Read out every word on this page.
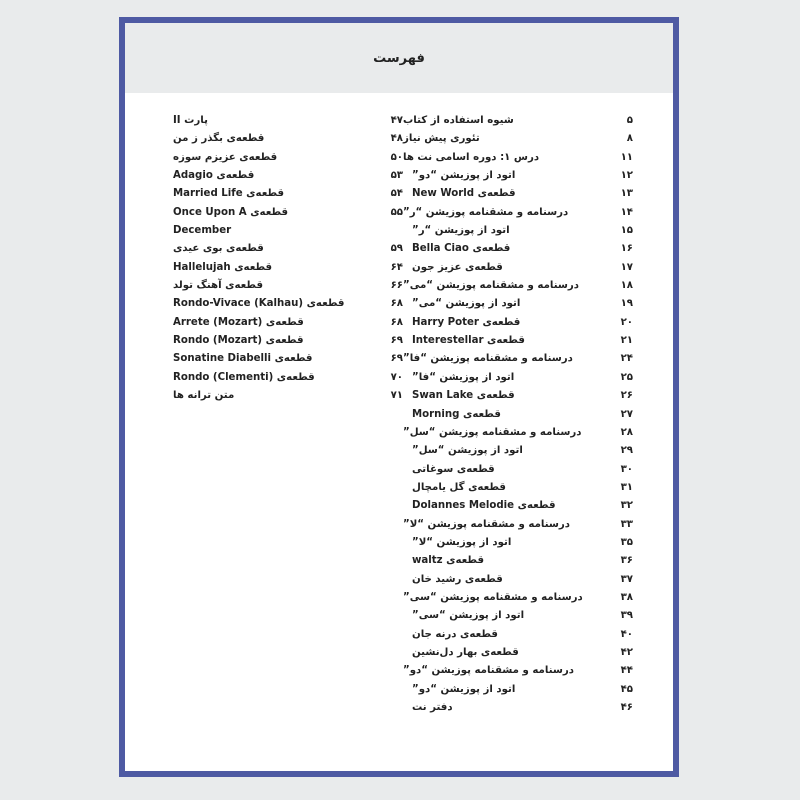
فهرست
۵
شیوه استفاده از کتاب
۸
تئوری پیش نیاز
۱۱
درس ۱: دوره اسامی نت ها
۱۲
اتود از پوزیشن “دو”
۱۳
قطعه‌ی New World
۱۴
درسنامه و مشقنامه پوزیشن “ر”
۱۵
اتود از پوزیشن “ر”
۱۶
قطعه‌ی Bella Ciao
۱۷
قطعه‌ی عزیز جون
۱۸
درسنامه و مشقنامه پوزیشن “می”
۱۹
اتود از پوزیشن “می”
۲۰
قطعه‌ی Harry Poter
۲۱
قطعه‌ی Interestellar
۲۴
درسنامه و مشقنامه پوزیشن “فا”
۲۵
اتود از پوزیشن “فا”
۲۶
قطعه‌ی Swan Lake
۲۷
قطعه‌ی Morning
۲۸
درسنامه و مشقنامه پوزیشن “سل”
۲۹
اتود از پوزیشن “سل”
۳۰
قطعه‌ی سوغاتی
۳۱
قطعه‌ی گل یامچال
۳۲
قطعه‌ی Dolannes Melodie
۳۳
درسنامه و مشقنامه پوزیشن “لا”
۳۵
اتود از پوزیشن “لا”
۳۶
قطعه‌ی waltz
۳۷
قطعه‌ی رشید خان
۳۸
درسنامه و مشقنامه پوزیشن “سی”
۳۹
اتود از پوزیشن “سی”
۴۰
قطعه‌ی درنه جان
۴۲
قطعه‌ی بهار دل‌نشین
۴۴
درسنامه و مشقنامه پوزیشن “دو”
۴۵
اتود از پوزیشن “دو”
۴۶
دفتر نت
۴۷
پارت II
۴۸
قطعه‌ی بگذر ز من
۵۰
قطعه‌ی عزیزم سوزه
۵۳
قطعه‌ی Adagio
۵۴
قطعه‌ی Married Life
۵۵
قطعه‌ی Once Upon A
December
۵۹
قطعه‌ی بوی عیدی
۶۴
قطعه‌ی Hallelujah
۶۶
قطعه‌ی آهنگ تولد
۶۸
قطعه‌ی Rondo-Vivace (Kalhau)
۶۸
قطعه‌ی Arrete (Mozart)
۶۹
قطعه‌ی Rondo (Mozart)
۶۹
قطعه‌ی Sonatine Diabelli
۷۰
قطعه‌ی Rondo (Clementi)
۷۱
متن ترانه ها
